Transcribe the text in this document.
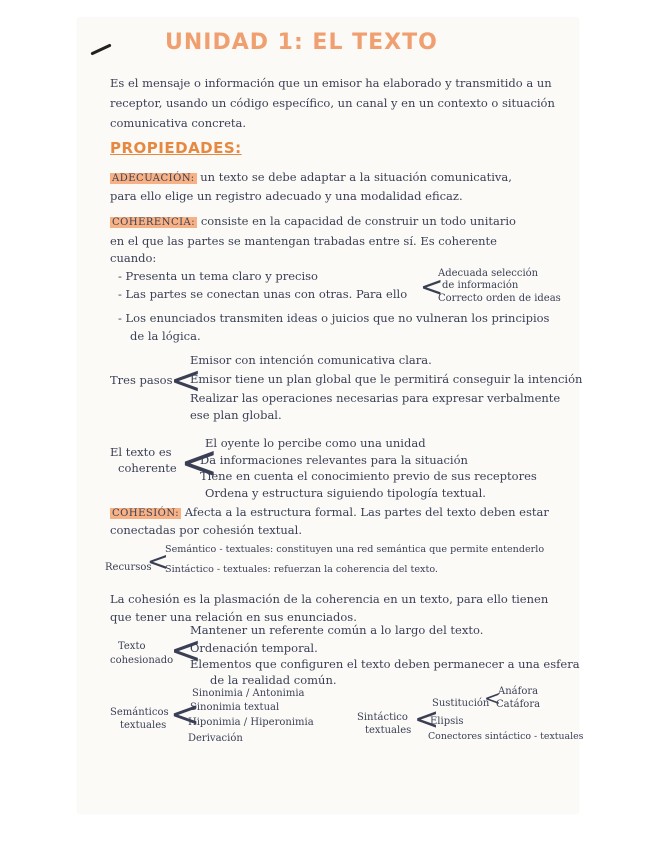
UNIDAD 1: EL TEXTO
Es el mensaje o información que un emisor ha elaborado y transmitido a un
receptor, usando un código específico, un canal y en un contexto o situación
comunicativa concreta.
PROPIEDADES:
ADECUACIÓN: un texto se debe adaptar a la situación comunicativa,
para ello elige un registro adecuado y una modalidad eficaz.
COHERENCIA: consiste en la capacidad de construir un todo unitario
en el que las partes se mantengan trabadas entre sí. Es coherente
cuando:
- Presenta un tema claro y preciso
- Las partes se conectan unas con otras. Para ello <
Adecuada selección
de información
Correcto orden de ideas
- Los enunciados transmiten ideas o juicios que no vulneran los principios
de la lógica.
Tres pasos
<
Emisor con intención comunicativa clara.
Emisor tiene un plan global que le permitirá conseguir la intención
Realizar las operaciones necesarias para expresar verbalmente
ese plan global.
El texto es
coherente <
El oyente lo percibe como una unidad
Da informaciones relevantes para la situación
Tiene en cuenta el conocimiento previo de sus receptores
Ordena y estructura siguiendo tipología textual.
COHESIÓN: Afecta a la estructura formal. Las partes del texto deben estar
conectadas por cohesión textual.
Recursos
<
Semántico - textuales: constituyen una red semántica que permite entenderlo
Sintáctico - textuales: refuerzan la coherencia del texto.
La cohesión es la plasmación de la coherencia en un texto, para ello tienen
que tener una relación en sus enunciados.
Texto
cohesionado
<
Mantener un referente común a lo largo del texto.
Ordenación temporal.
Elementos que configuren el texto deben permanecer a una esfera
de la realidad común.
Semánticos
textuales <
Sinonimia / Antonimia
Sinonimia textual
Hiponimia / Hiperonimia
Derivación
Sintáctico
textuales <
Sustitución
Elipsis
Conectores sintáctico - textuales
<
Anáfora
Catáfora
